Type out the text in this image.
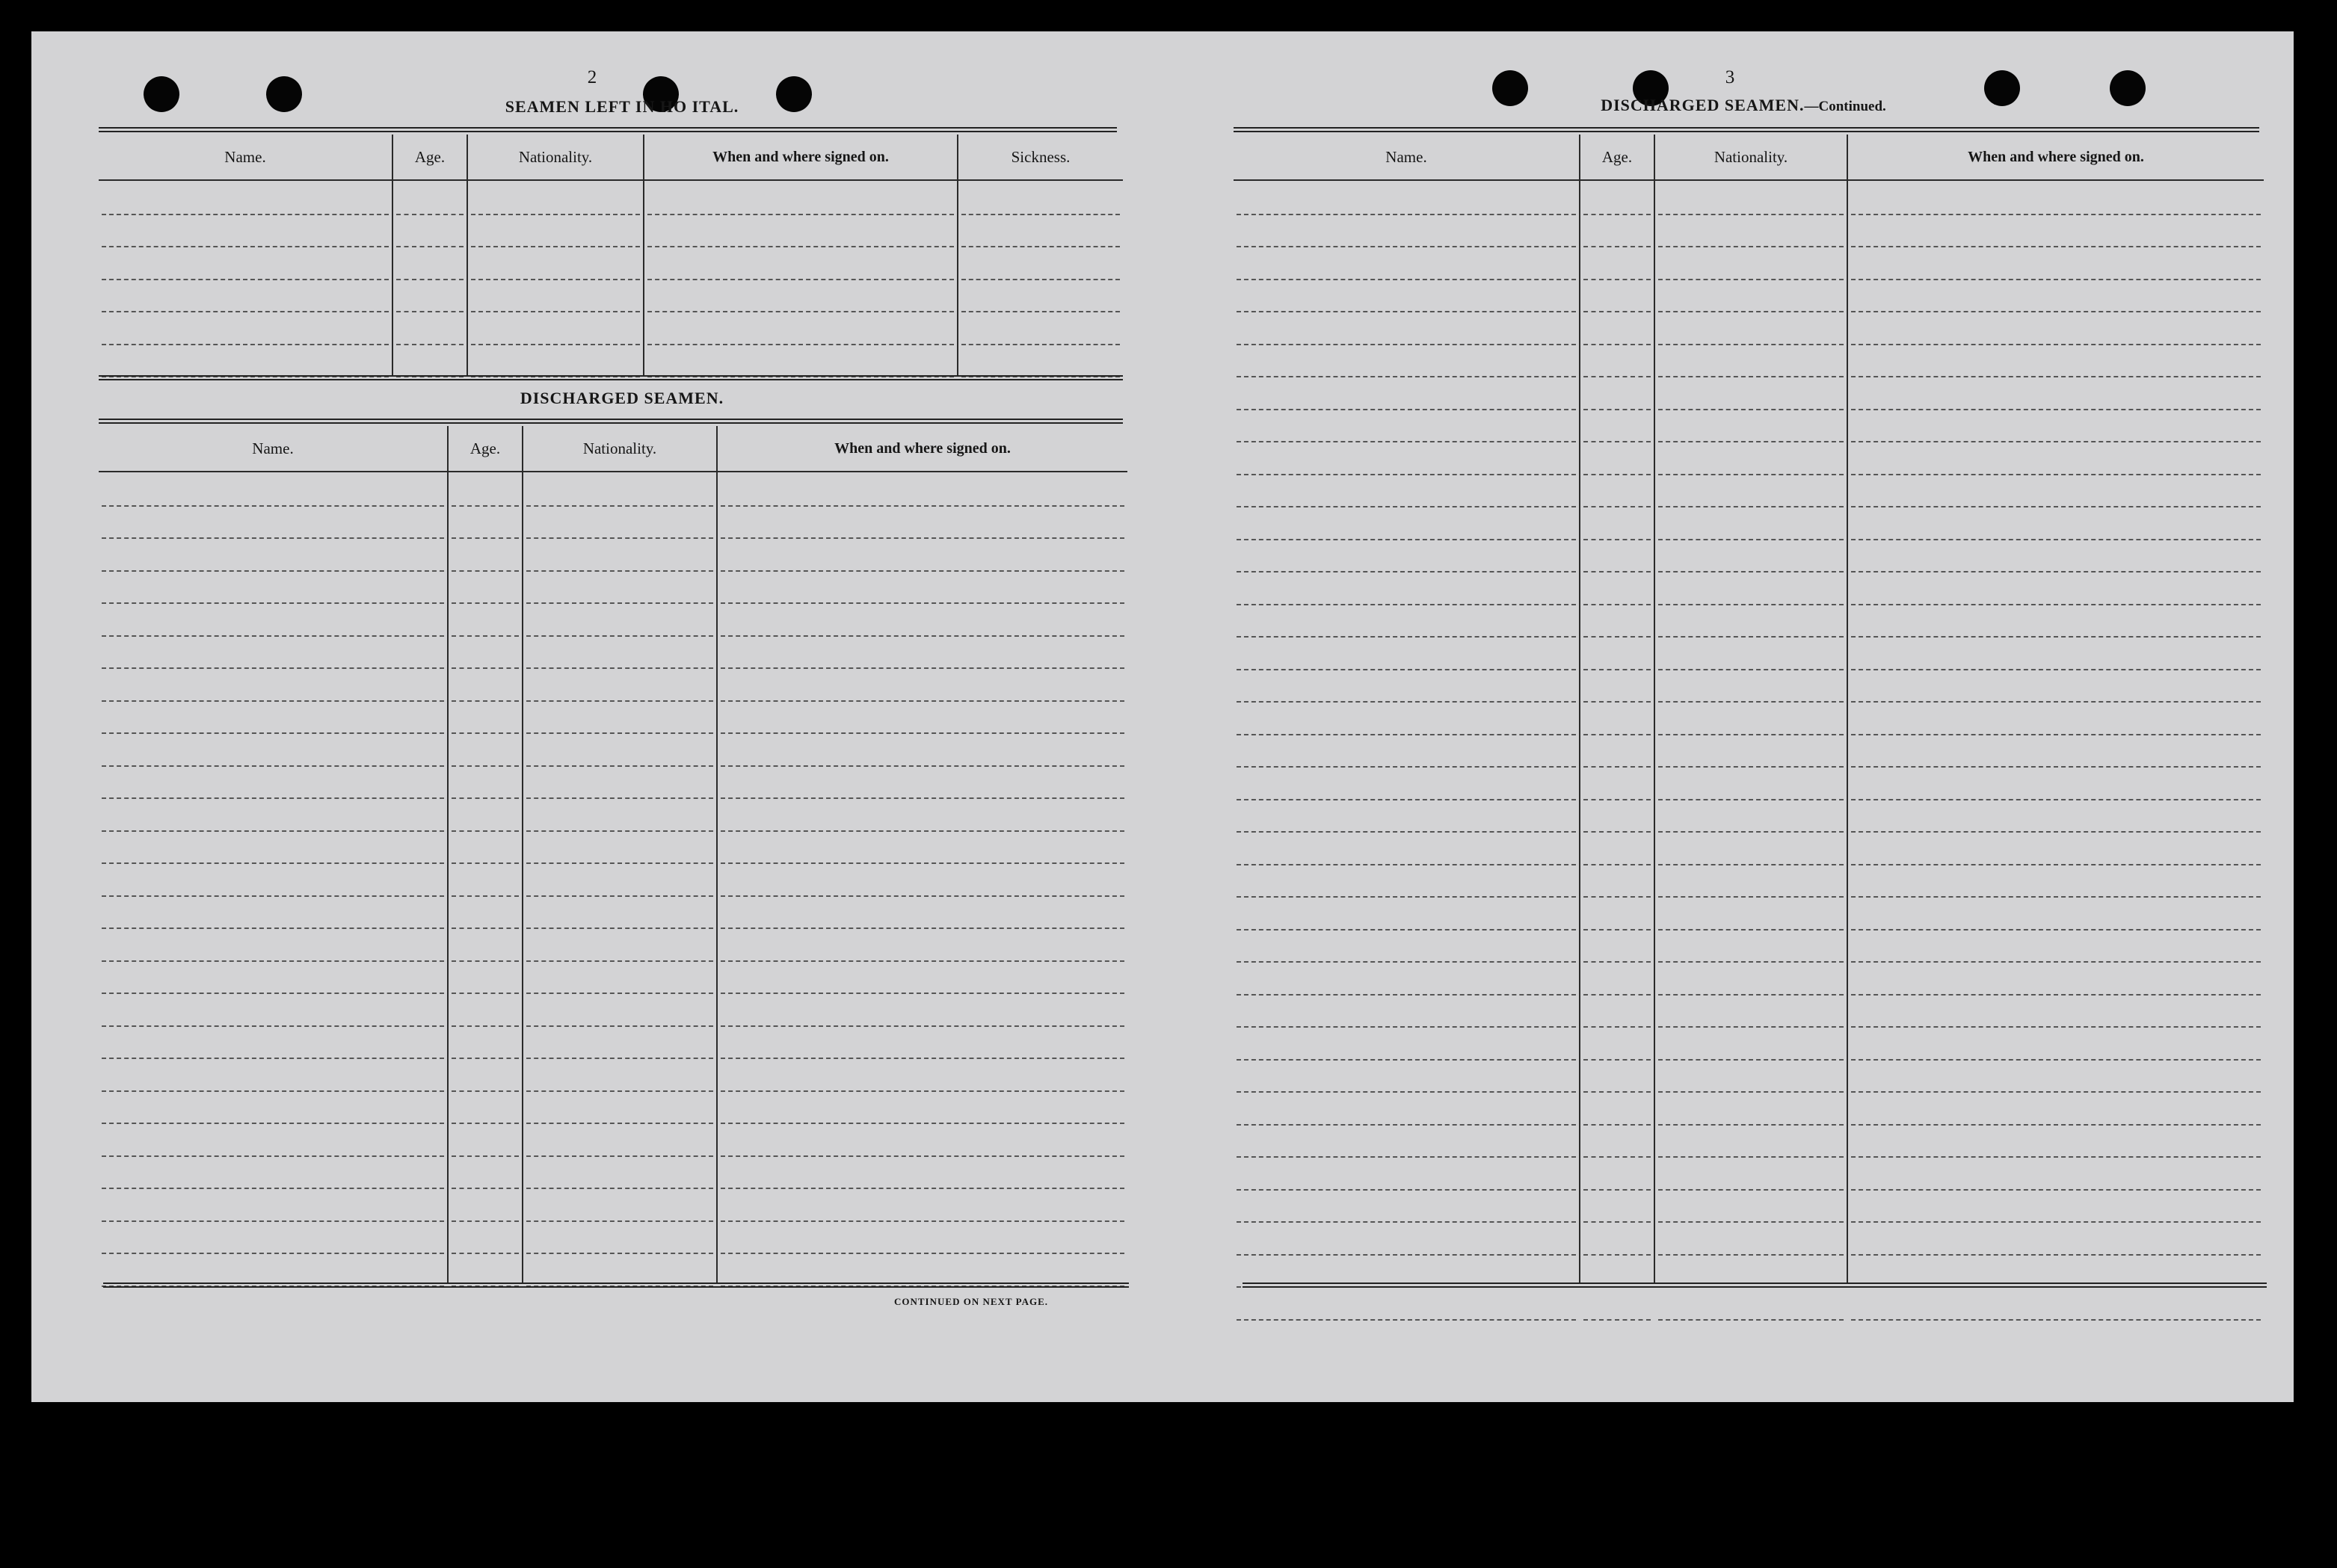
2
SEAMEN LEFT IN HO ITAL.
Name.	Age.	Nationality.	When and where signed on.	Sickness.
DISCHARGED SEAMEN.
Name.	Age.	Nationality.	When and where signed on.
CONTINUED ON NEXT PAGE.
3
DISCHARGED SEAMEN.—Continued.
Name.	Age.	Nationality.	When and where signed on.
